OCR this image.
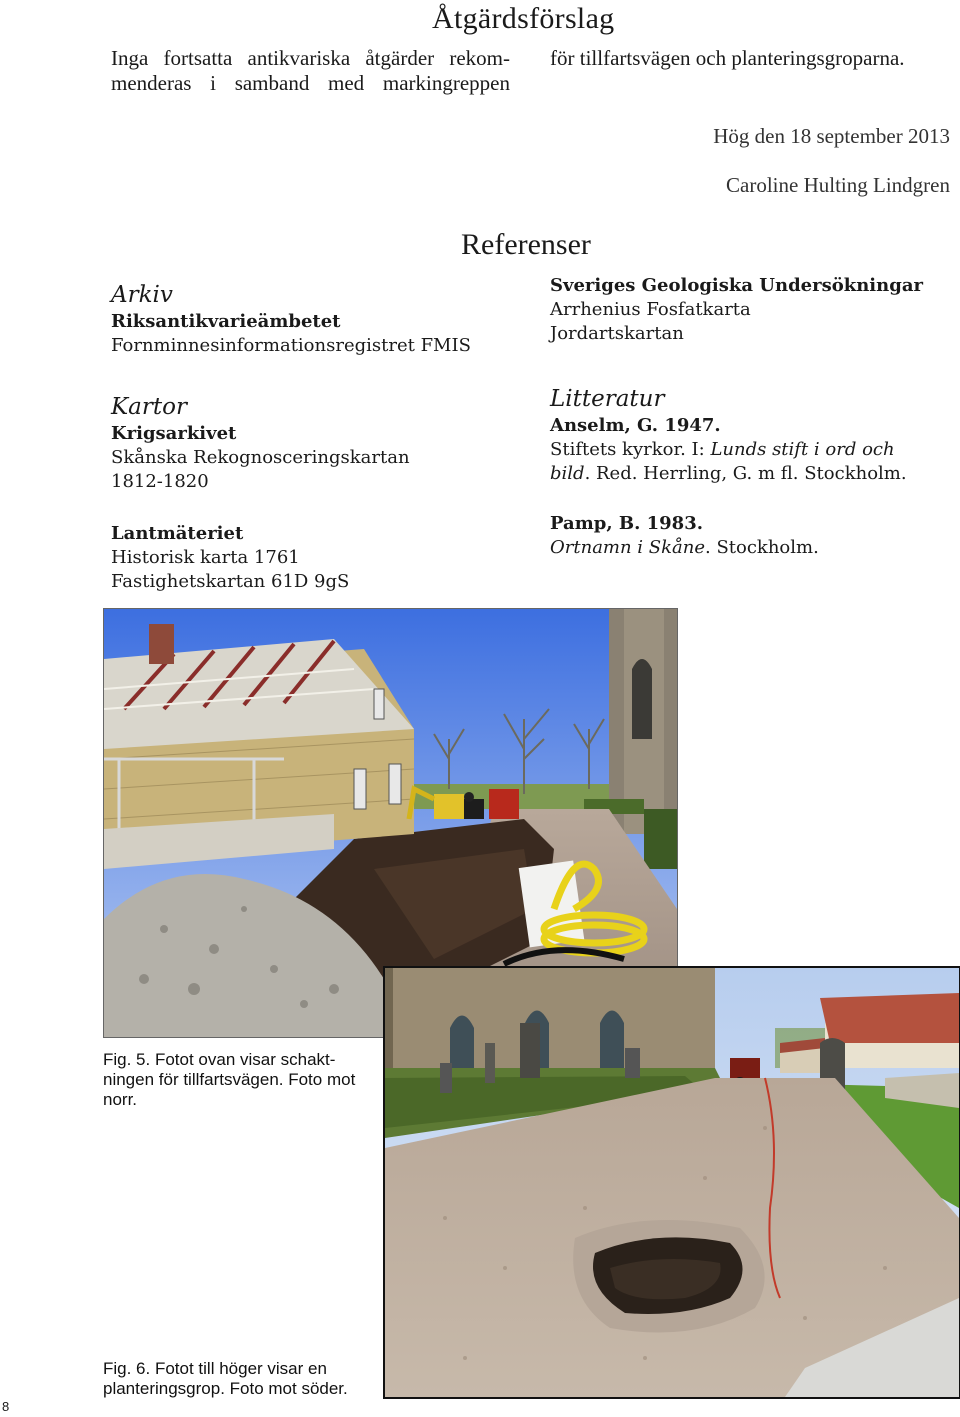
Åtgärdsförslag
Inga fortsatta antikvariska åtgärder rekom-
menderas i samband med markingreppen
för tillfartsvägen och planteringsgroparna.
Hög den 18 september 2013
Caroline Hulting Lindgren
Referenser
Arkiv
Riksantikvarieämbetet
Fornminnesinformationsregistret FMIS
Kartor
Krigsarkivet
Skånska Rekognosceringskartan
1812-1820
Lantmäteriet
Historisk karta 1761
Fastighetskartan 61D 9gS
Sveriges Geologiska Undersökningar
Arrhenius Fosfatkarta
Jordartskartan
Litteratur
Anselm, G. 1947.
Stiftets kyrkor. I: Lunds stift i ord och
bild. Red. Herrling, G. m fl. Stockholm.
Pamp, B. 1983.
Ortnamn i Skåne. Stockholm.
Fig. 5. Fotot ovan visar schakt-ningen för tillfartsvägen. Foto mot norr.
Fig. 6. Fotot till höger visar en planteringsgrop. Foto mot söder.
8
